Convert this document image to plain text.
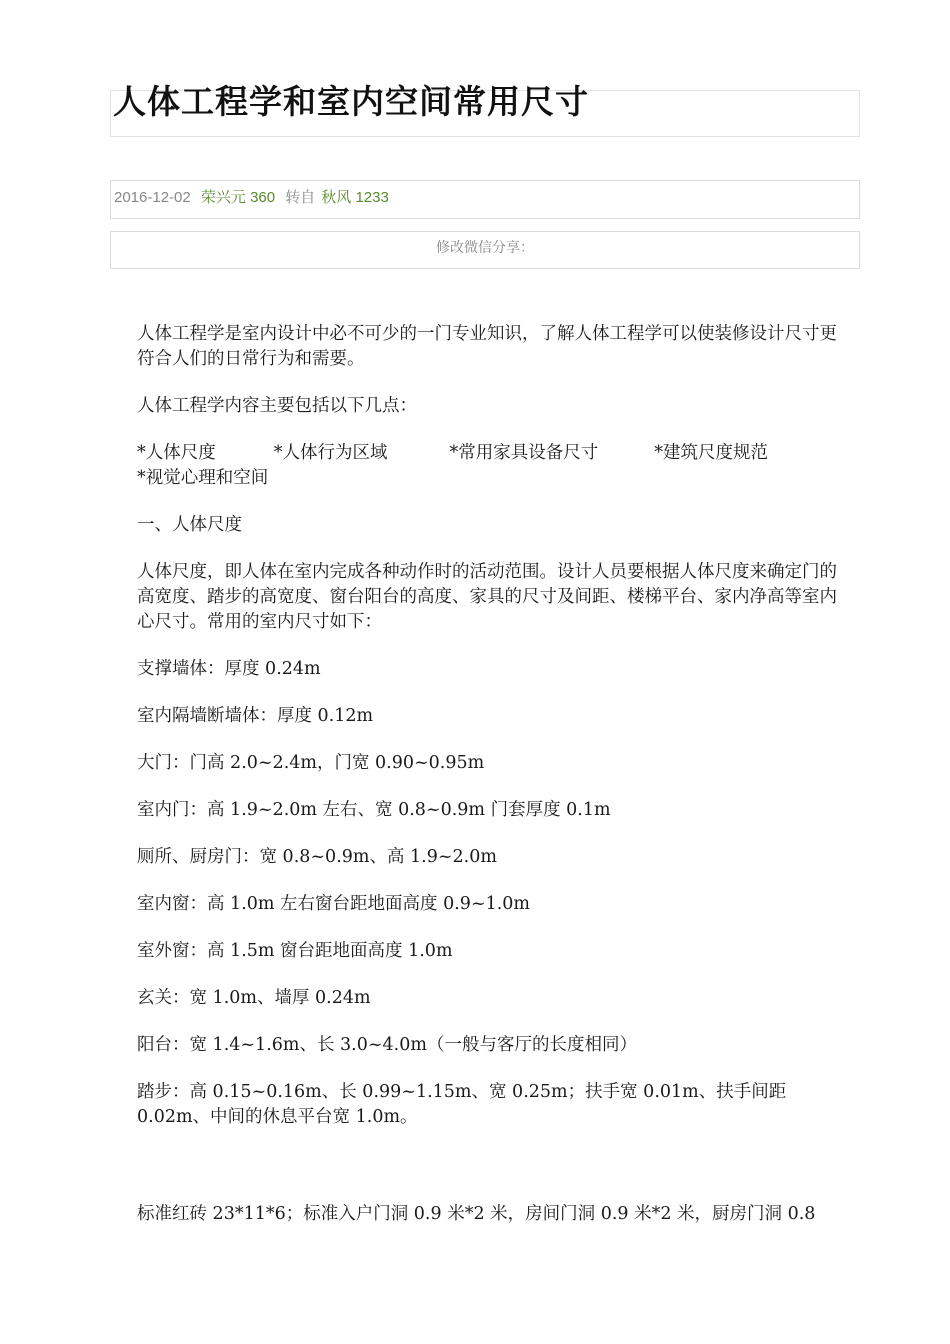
人体工程学和室内空间常用尺寸
2016-12-02 荣兴元 360 转自 秋风 1233
修改微信分享：

人体工程学是室内设计中必不可少的一门专业知识，了解人体工程学可以使装修设计尺寸更符合人们的日常行为和需要。

人体工程学内容主要包括以下几点：

*人体尺度	*人体行为区域	*常用家具设备尺寸	*建筑尺度规范*视觉心理和空间

一、人体尺度

人体尺度，即人体在室内完成各种动作时的活动范围。设计人员要根据人体尺度来确定门的高宽度、踏步的高宽度、窗台阳台的高度、家具的尺寸及间距、楼梯平台、家内净高等室内心尺寸。常用的室内尺寸如下：

支撑墙体：厚度 0.24m

室内隔墙断墙体：厚度 0.12m

大门：门高 2.0~2.4m，门宽 0.90~0.95m

室内门：高 1.9~2.0m 左右、宽 0.8~0.9m 门套厚度 0.1m

厕所、厨房门：宽 0.8~0.9m、高 1.9~2.0m

室内窗：高 1.0m 左右窗台距地面高度 0.9~1.0m

室外窗：高 1.5m 窗台距地面高度 1.0m

玄关：宽 1.0m、墙厚 0.24m

阳台：宽 1.4~1.6m、长 3.0~4.0m（一般与客厅的长度相同）

踏步：高 0.15~0.16m、长 0.99~1.15m、宽 0.25m；扶手宽 0.01m、扶手间距 0.02m、中间的休息平台宽 1.0m。

标准红砖 23*11*6；标准入户门洞 0.9 米*2 米，房间门洞 0.9 米*2 米，厨房门洞 0.8
